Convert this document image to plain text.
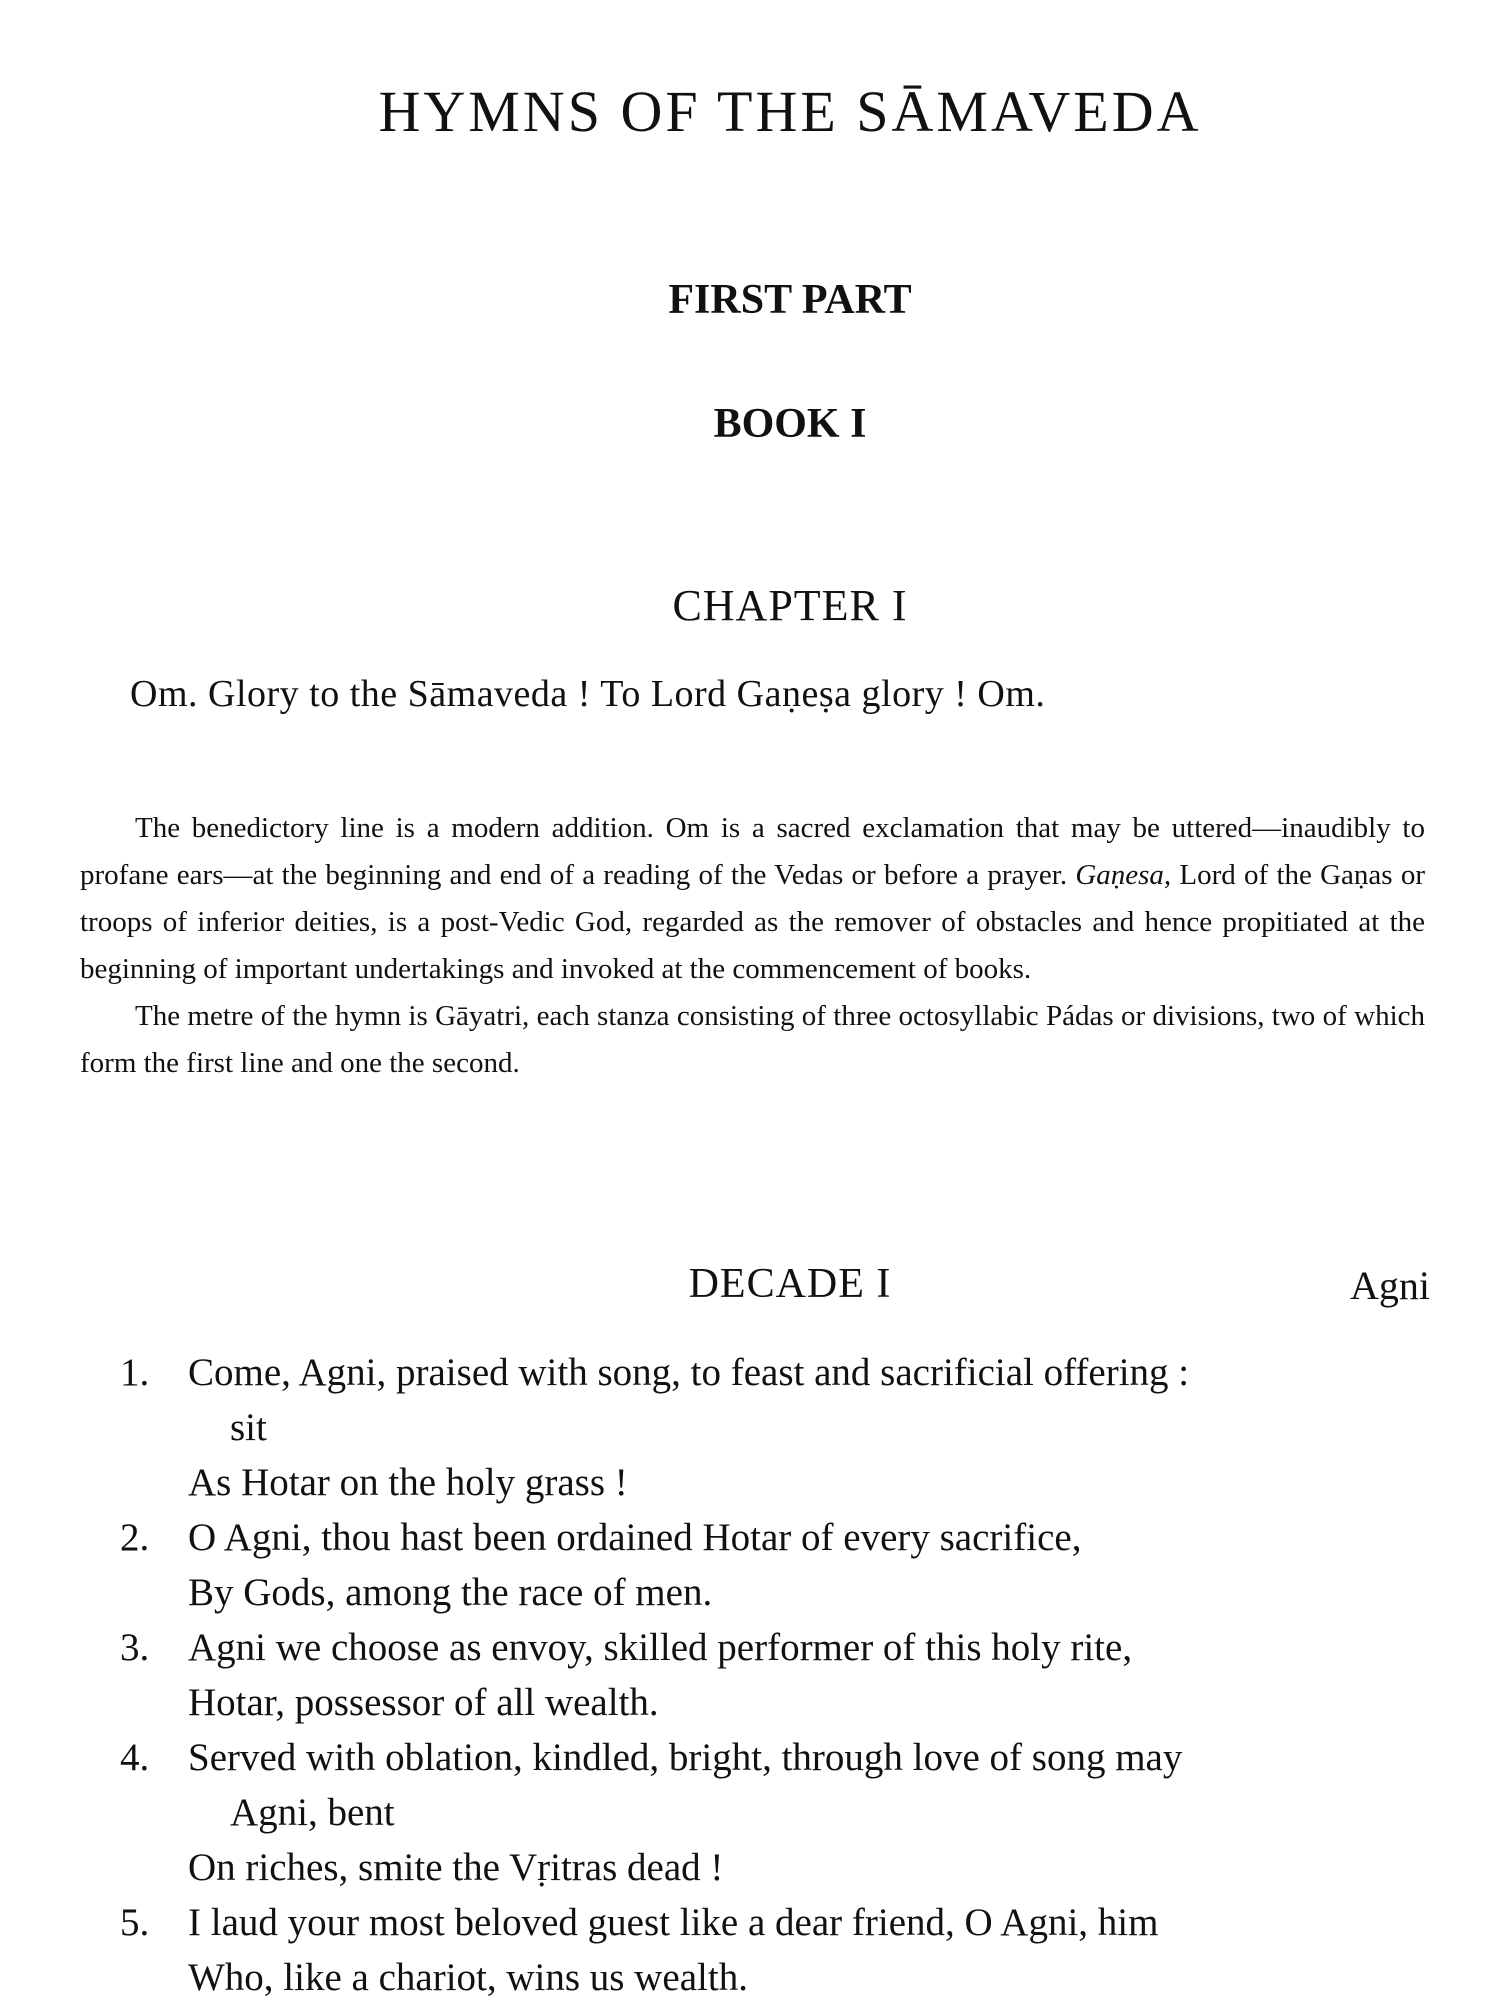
HYMNS OF THE SĀMAVEDA
FIRST PART
BOOK I
CHAPTER I
Om. Glory to the Sāmaveda ! To Lord Gaṇeṣa glory ! Om.

The benedictory line is a modern addition. Om is a sacred exclamation that may be uttered—inaudibly to profane ears—at the beginning and end of a reading of the Vedas or before a prayer. Gaṇesa, Lord of the Gaṇas or troops of inferior deities, is a post-Vedic God, regarded as the remover of obstacles and hence propitiated at the beginning of important undertakings and invoked at the commencement of books.

The metre of the hymn is Gāyatri, each stanza consisting of three octosyllabic Pádas or divisions, two of which form the first line and one the second.

DECADE I	Agni
1. Come, Agni, praised with song, to feast and sacrificial offering :
sit
As Hotar on the holy grass !
2. O Agni, thou hast been ordained Hotar of every sacrifice,
By Gods, among the race of men.
3. Agni we choose as envoy, skilled performer of this holy rite,
Hotar, possessor of all wealth.
4. Served with oblation, kindled, bright, through love of song may
Agni, bent
On riches, smite the Vṛitras dead !
5. I laud your most beloved guest like a dear friend, O Agni, him
Who, like a chariot, wins us wealth.
